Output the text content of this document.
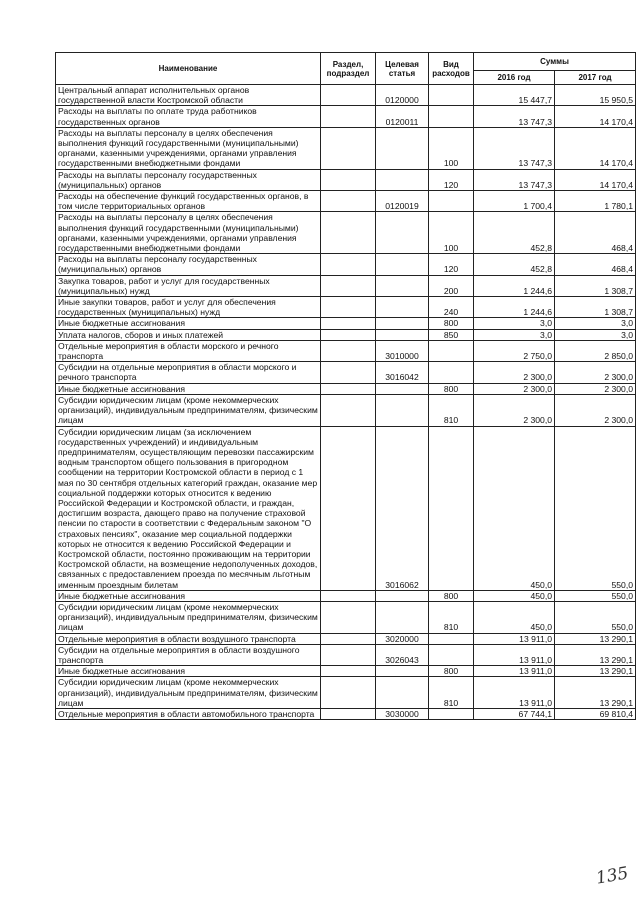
Наименование	Раздел, подраздел	Целевая статья	Вид расходов	Суммы	
				2016 год	2017 год
Центральный аппарат исполнительных органов государственной власти Костромской области		0120000		15 447,7	15 950,5
Расходы на выплаты по оплате труда работников государственных органов		0120011		13 747,3	14 170,4
Расходы на выплаты персоналу в целях обеспечения выполнения функций государственными (муниципальными) органами, казенными учреждениями, органами управления государственными внебюджетными фондами			100	13 747,3	14 170,4
Расходы на выплаты персоналу государственных (муниципальных) органов			120	13 747,3	14 170,4
Расходы на обеспечение функций государственных органов, в том числе территориальных органов		0120019		1 700,4	1 780,1
Расходы на выплаты персоналу в целях обеспечения выполнения функций государственными (муниципальными) органами, казенными учреждениями, органами управления государственными внебюджетными фондами			100	452,8	468,4
Расходы на выплаты персоналу государственных (муниципальных) органов			120	452,8	468,4
Закупка товаров, работ и услуг для государственных (муниципальных) нужд			200	1 244,6	1 308,7
Иные закупки товаров, работ и услуг для обеспечения государственных (муниципальных) нужд			240	1 244,6	1 308,7
Иные бюджетные ассигнования			800	3,0	3,0
Уплата налогов, сборов и иных платежей			850	3,0	3,0
Отдельные мероприятия в области морского и речного транспорта		3010000		2 750,0	2 850,0
Субсидии на отдельные мероприятия в области морского и речного транспорта		3016042		2 300,0	2 300,0
Иные бюджетные ассигнования			800	2 300,0	2 300,0
Субсидии юридическим лицам (кроме некоммерческих организаций), индивидуальным предпринимателям, физическим лицам			810	2 300,0	2 300,0
Субсидии юридическим лицам (за исключением государственных учреждений) и индивидуальным предпринимателям, осуществляющим перевозки пассажирским водным транспортом общего пользования в пригородном сообщении на территории Костромской области в период с 1 мая по 30 сентября отдельных категорий граждан, оказание мер социальной поддержки которых относится к ведению Российской Федерации и Костромской области, и граждан, достигшим возраста, дающего право на получение страховой пенсии по старости в соответствии с Федеральным законом "О страховых пенсиях", оказание мер социальной поддержки которых не относится к ведению Российской Федерации и Костромской области, постоянно проживающим на территории Костромской области, на возмещение недополученных доходов, связанных с предоставлением проезда по месячным льготным именным проездным билетам		3016062		450,0	550,0
Иные бюджетные ассигнования			800	450,0	550,0
Субсидии юридическим лицам (кроме некоммерческих организаций), индивидуальным предпринимателям, физическим лицам			810	450,0	550,0
Отдельные мероприятия в области воздушного транспорта		3020000		13 911,0	13 290,1
Субсидии на отдельные мероприятия в области воздушного транспорта		3026043		13 911,0	13 290,1
Иные бюджетные ассигнования			800	13 911,0	13 290,1
Субсидии юридическим лицам (кроме некоммерческих организаций), индивидуальным предпринимателям, физическим лицам			810	13 911,0	13 290,1
Отдельные мероприятия в области автомобильного транспорта		3030000		67 744,1	69 810,4
135
